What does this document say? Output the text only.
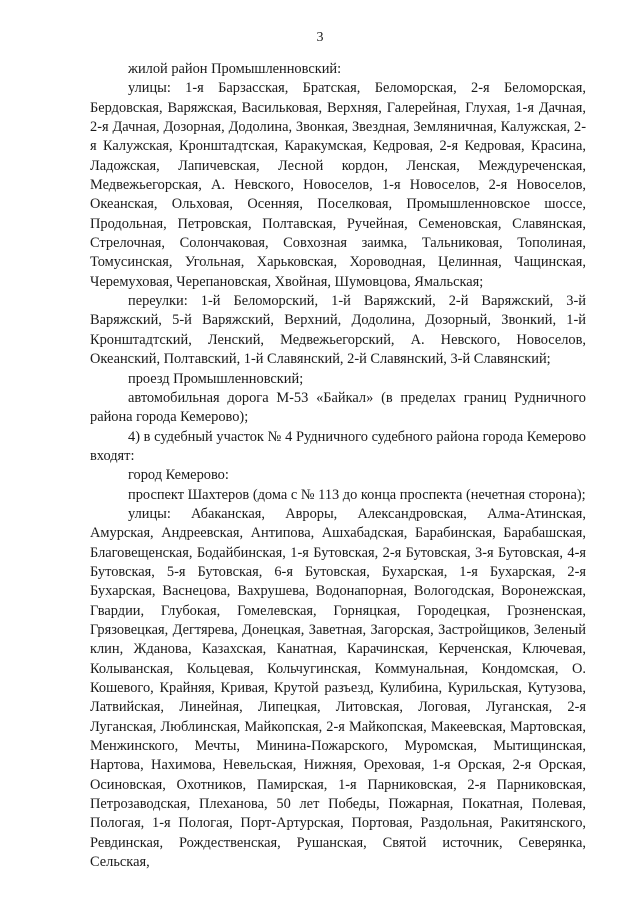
3

жилой район Промышленновский:

улицы: 1-я Барзасская, Братская, Беломорская, 2-я Беломорская, Бердовская, Варяжская, Васильковая, Верхняя, Галерейная, Глухая, 1-я Дачная, 2-я Дачная, Дозорная, Додолина, Звонкая, Звездная, Земляничная, Калужская, 2-я Калужская, Кронштадтская, Каракумская, Кедровая, 2-я Кедровая, Красина, Ладожская, Лапичевская, Лесной кордон, Ленская, Междуреченская, Медвежьегорская, А. Невского, Новоселов, 1-я Новоселов, 2-я Новоселов, Океанская, Ольховая, Осенняя, Поселковая, Промышленновское шоссе, Продольная, Петровская, Полтавская, Ручейная, Семеновская, Славянская, Стрелочная, Солончаковая, Совхозная заимка, Тальниковая, Тополиная, Томусинская, Угольная, Харьковская, Хороводная, Целинная, Чащинская, Черемуховая, Черепановская, Хвойная, Шумовцова, Ямальская;

переулки: 1-й Беломорский, 1-й Варяжский, 2-й Варяжский, 3-й Варяжский, 5-й Варяжский, Верхний, Додолина, Дозорный, Звонкий, 1-й Кронштадтский, Ленский, Медвежьегорский, А. Невского, Новоселов, Океанский, Полтавский, 1-й Славянский, 2-й Славянский, 3-й Славянский;

проезд Промышленновский;

автомобильная дорога М-53 «Байкал» (в пределах границ Рудничного района города Кемерово);

4) в судебный участок № 4 Рудничного судебного района города Кемерово входят:

город Кемерово:

проспект Шахтеров (дома с № 113 до конца проспекта (нечетная сторона);

улицы: Абаканская, Авроры, Александровская, Алма-Атинская, Амурская, Андреевская, Антипова, Ашхабадская, Барабинская, Барабашская, Благовещенская, Бодайбинская, 1-я Бутовская, 2-я Бутовская, 3-я Бутовская, 4-я Бутовская, 5-я Бутовская, 6-я Бутовская, Бухарская, 1-я Бухарская, 2-я Бухарская, Васнецова, Вахрушева, Водонапорная, Вологодская, Воронежская, Гвардии, Глубокая, Гомелевская, Горняцкая, Городецкая, Грозненская, Грязовецкая, Дегтярева, Донецкая, Заветная, Загорская, Застройщиков, Зеленый клин, Жданова, Казахская, Канатная, Карачинская, Керченская, Ключевая, Колыванская, Кольцевая, Кольчугинская, Коммунальная, Кондомская, О. Кошевого, Крайняя, Кривая, Крутой разъезд, Кулибина, Курильская, Кутузова, Латвийская, Линейная, Липецкая, Литовская, Логовая, Луганская, 2-я Луганская, Люблинская, Майкопская, 2-я Майкопская, Макеевская, Мартовская, Менжинского, Мечты, Минина-Пожарского, Муромская, Мытищинская, Нартова, Нахимова, Невельская, Нижняя, Ореховая, 1-я Орская, 2-я Орская, Осиновская, Охотников, Памирская, 1-я Парниковская, 2-я Парниковская, Петрозаводская, Плеханова, 50 лет Победы, Пожарная, Покатная, Полевая, Пологая, 1-я Пологая, Порт-Артурская, Портовая, Раздольная, Ракитянского, Ревдинская, Рождественская, Рушанская, Святой источник, Северянка, Сельская,
